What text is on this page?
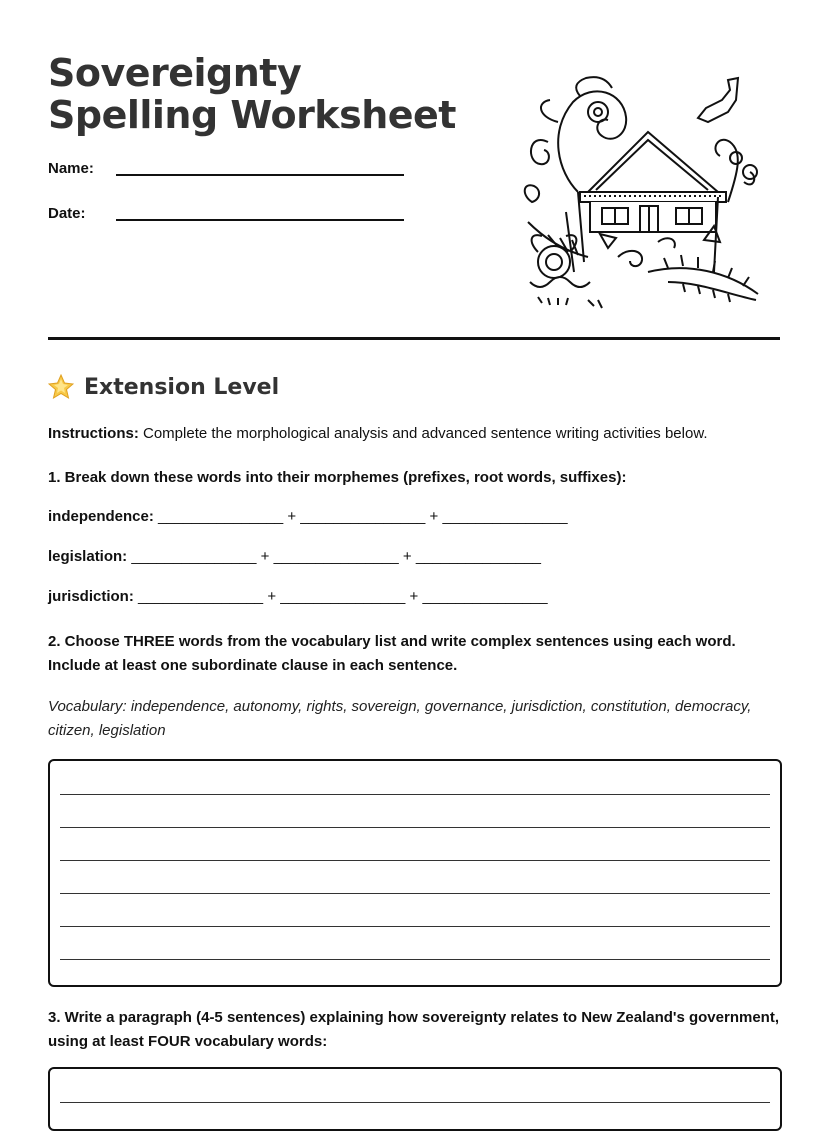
Sovereignty Spelling Worksheet
Name:
Date:
Extension Level
Instructions: Complete the morphological analysis and advanced sentence writing activities below.
1. Break down these words into their morphemes (prefixes, root words, suffixes):
independence: _______________ + _______________ + _______________
legislation: _______________ + _______________ + _______________
jurisdiction: _______________ + _______________ + _______________
2. Choose THREE words from the vocabulary list and write complex sentences using each word. Include at least one subordinate clause in each sentence.
Vocabulary: independence, autonomy, rights, sovereign, governance, jurisdiction, constitution, democracy, citizen, legislation
3. Write a paragraph (4-5 sentences) explaining how sovereignty relates to New Zealand's government, using at least FOUR vocabulary words:
